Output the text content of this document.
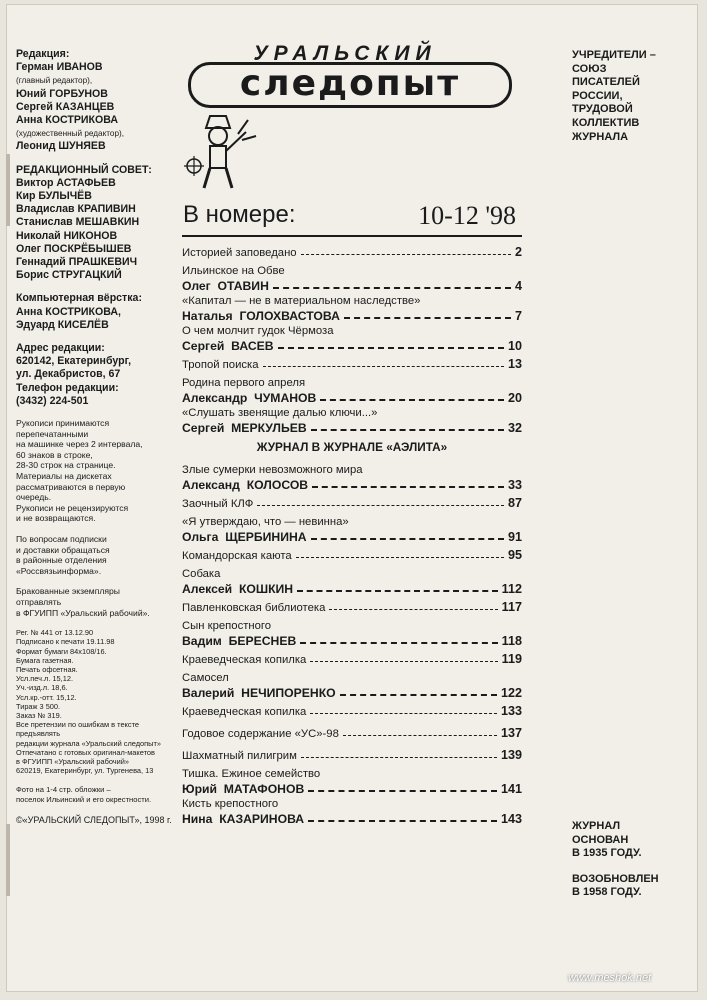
Редакция:
Герман ИВАНОВ
(главный редактор),
Юний ГОРБУНОВ
Сергей КАЗАНЦЕВ
Анна КОСТРИКОВА
(художественный редактор),
Леонид ШУНЯЕВ
РЕДАКЦИОННЫЙ СОВЕТ:
Виктор АСТАФЬЕВ
Кир БУЛЫЧЁВ
Владислав КРАПИВИН
Станислав МЕШАВКИН
Николай НИКОНОВ
Олег ПОСКРЁБЫШЕВ
Геннадий ПРАШКЕВИЧ
Борис СТРУГАЦКИЙ
Компьютерная вёрстка:
Анна КОСТРИКОВА,
Эдуард КИСЕЛЁВ
Адрес редакции:
620142, Екатеринбург,
ул. Декабристов, 67
Телефон редакции:
(3432) 224-501
Рукописи принимаются
перепечатанными
на машинке через 2 интервала,
60 знаков в строке,
28-30 строк на странице.
Материалы на дискетах
рассматриваются в первую
очередь.
Рукописи не рецензируются
и не возвращаются.
По вопросам подписки
и доставки обращаться
в районные отделения
«Россвязьинформа».
Бракованные экземпляры
отправлять
в ФГУИПП «Уральский рабочий».
Рег. № 441 от 13.12.90
Подписано к печати 19.11.98
Формат бумаги 84х108/16.
Бумага газетная.
Печать офсетная.
Усл.печ.л. 15,12.
Уч.-изд.л. 18,6.
Усл.кр.-отт. 15,12.
Тираж 3 500.
Заказ № 319.
Все претензии по ошибкам в тексте
предъявлять
редакции журнала «Уральский следопыт»
Отпечатано с готовых оригинал-макетов
в ФГУИПП «Уральский рабочий»
620219, Екатеринбург, ул. Тургенева, 13
Фото на 1-4 стр. обложки –
поселок Ильинский и его окрестности.
©«УРАЛЬСКИЙ СЛЕДОПЫТ», 1998 г.
УРАЛЬСКИЙ
следопыт
В номере:	10-12 '98
Историей заповедано	2
Ильинское на Обве
Олег ОТАВИН	4
«Капитал — не в материальном наследстве»
Наталья ГОЛОХВАСТОВА	7
О чем молчит гудок Чёрмоза
Сергей ВАСЕВ	10
Тропой поиска	13
Родина первого апреля
Александр ЧУМАНОВ	20
«Слушать звенящие далью ключи...»
Сергей МЕРКУЛЬЕВ	32
ЖУРНАЛ В ЖУРНАЛЕ «АЭЛИТА»
Злые сумерки невозможного мира
Александ КОЛОСОВ	33
Заочный КЛФ	87
«Я утверждаю, что — невинна»
Ольга ЩЕРБИНИНА	91
Командорская каюта	95
Собака
Алексей КОШКИН	112
Павленковская библиотека	117
Сын крепостного
Вадим БЕРЕСНЕВ	118
Краеведческая копилка	119
Самосел
Валерий НЕЧИПОРЕНКО	122
Краеведческая копилка	133
Годовое содержание «УС»-98	137
Шахматный пилигрим	139
Тишка. Ежиное семейство
Юрий МАТАФОНОВ	141
Кисть крепостного
Нина КАЗАРИНОВА	143
УЧРЕДИТЕЛИ –
СОЮЗ
ПИСАТЕЛЕЙ
РОССИИ,
ТРУДОВОЙ
КОЛЛЕКТИВ
ЖУРНАЛА
ЖУРНАЛ
ОСНОВАН
В 1935 ГОДУ.
ВОЗОБНОВЛЕН
В 1958 ГОДУ.
www.meshok.net
